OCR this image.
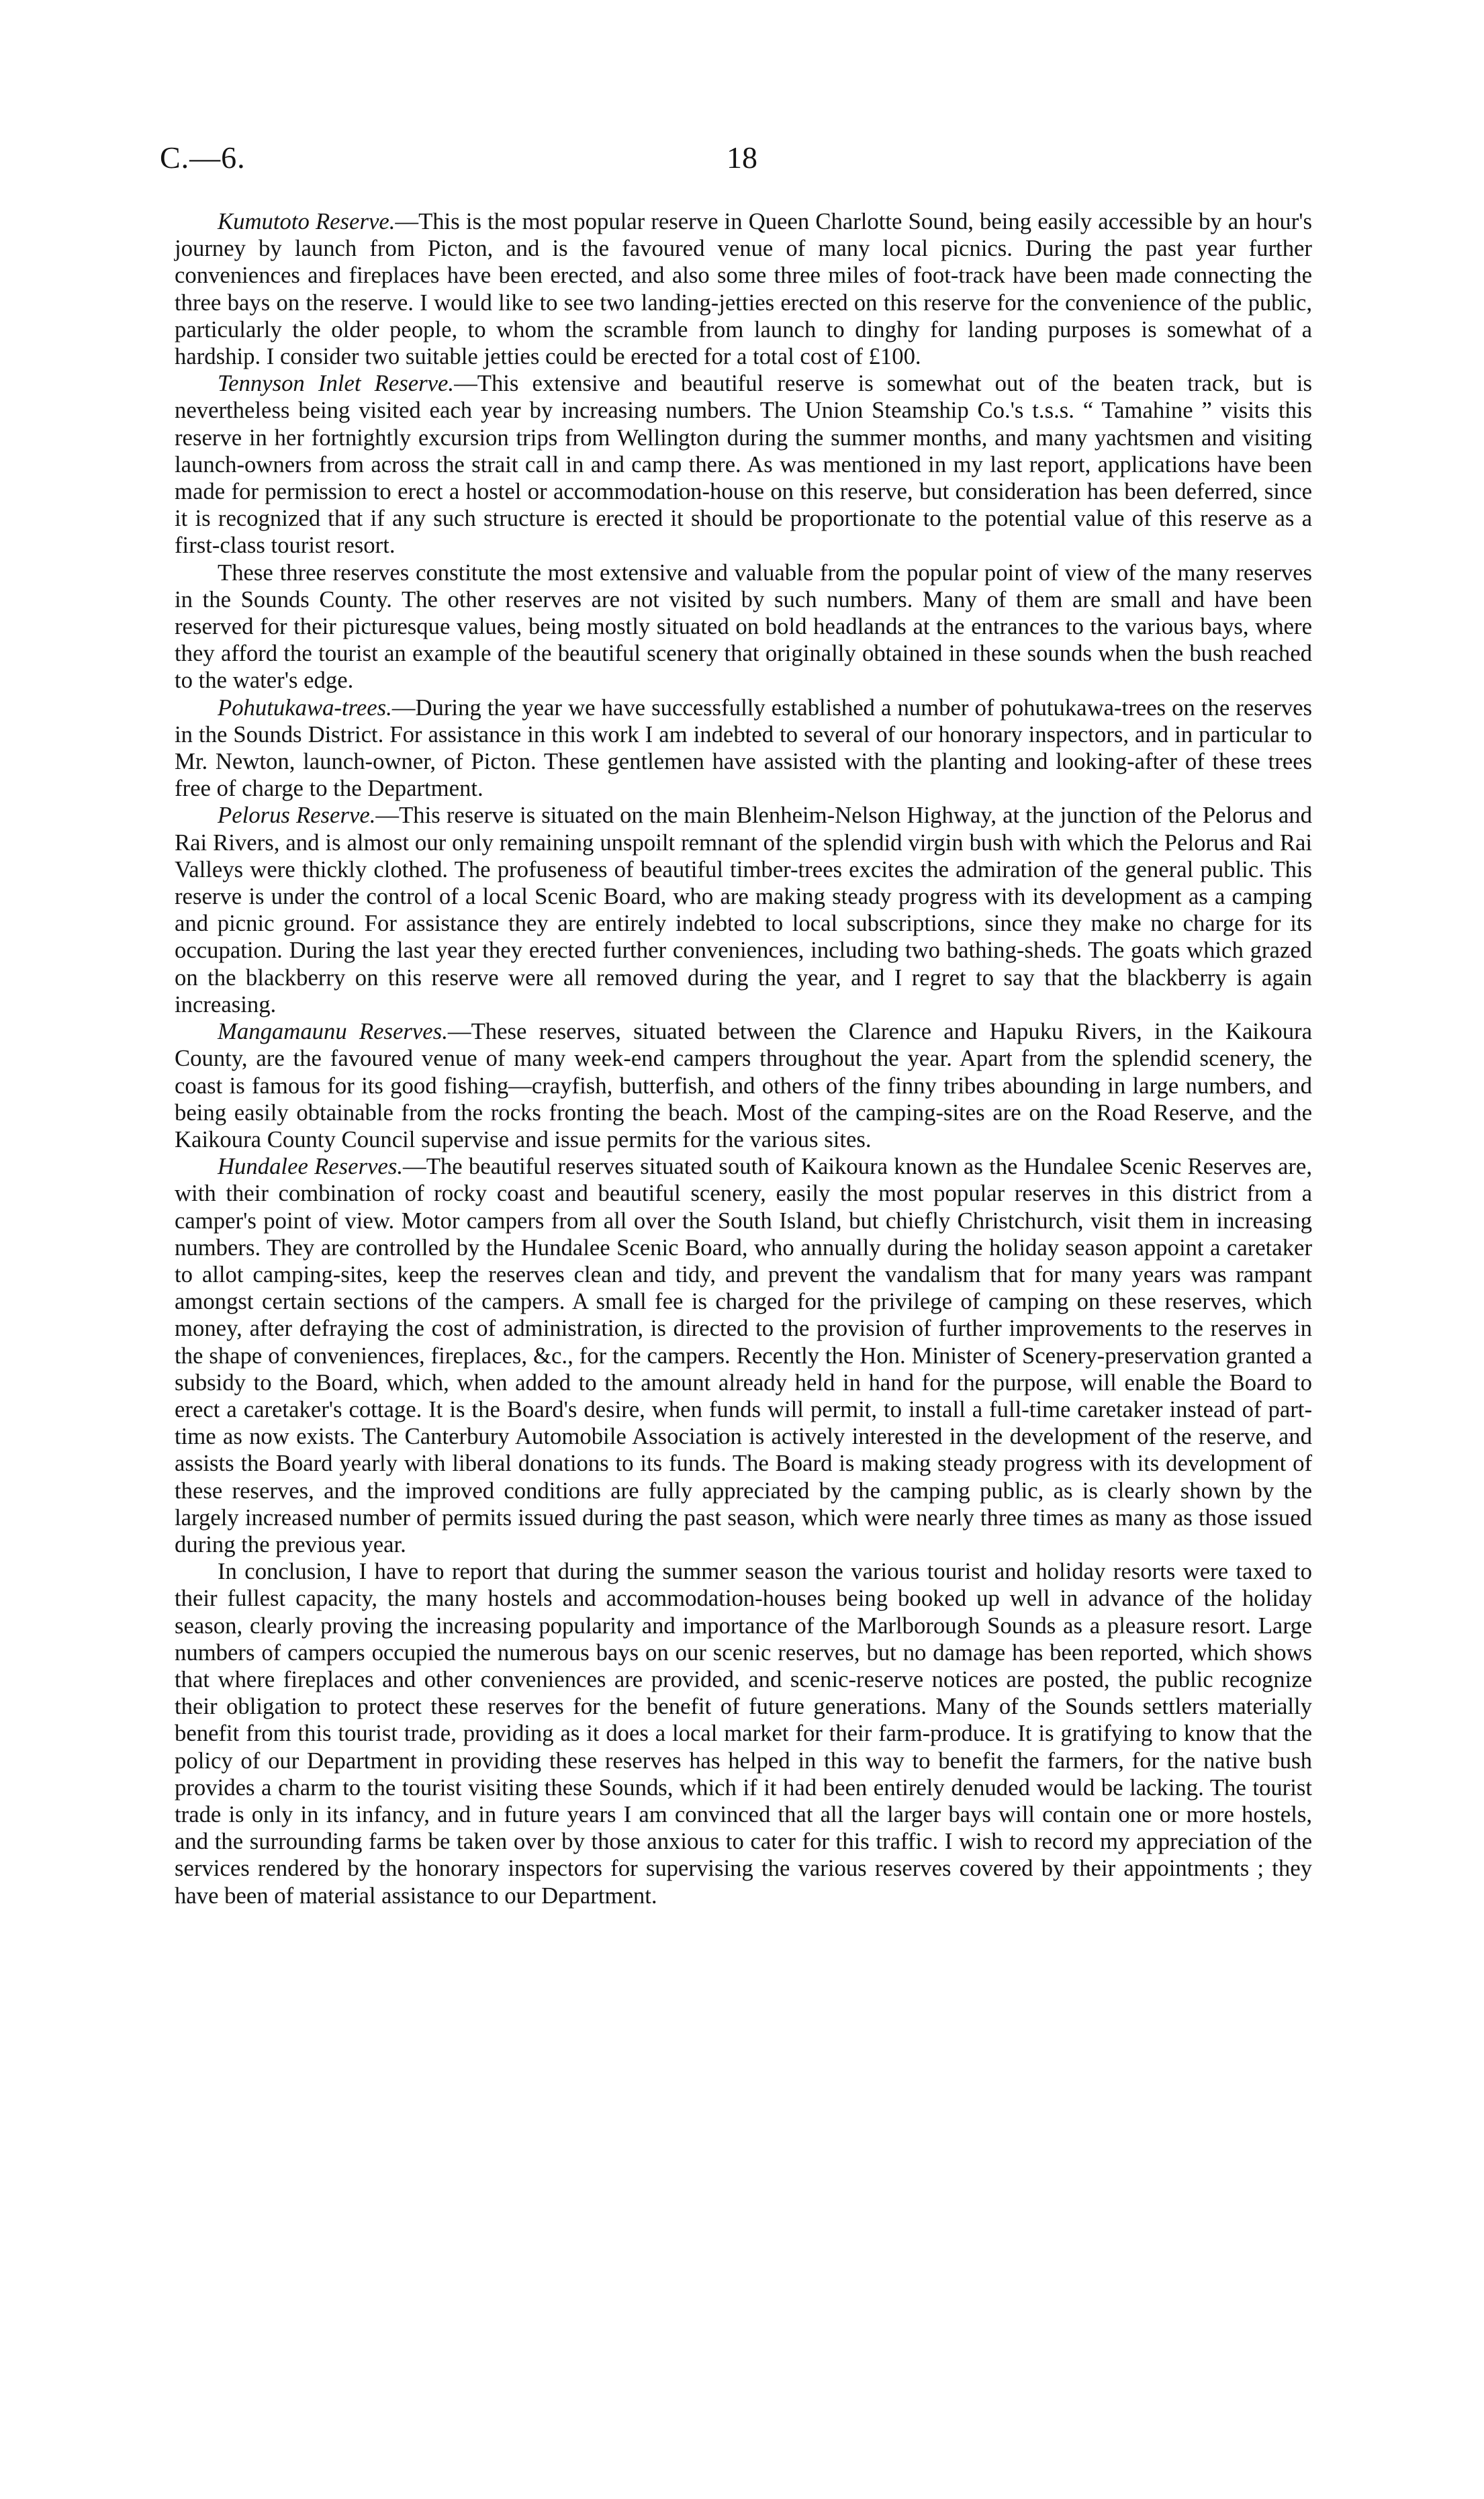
C.—6.	18

Kumutoto Reserve.—This is the most popular reserve in Queen Charlotte Sound, being easily accessible by an hour's journey by launch from Picton, and is the favoured venue of many local picnics. During the past year further conveniences and fireplaces have been erected, and also some three miles of foot-track have been made connecting the three bays on the reserve. I would like to see two landing-jetties erected on this reserve for the convenience of the public, particularly the older people, to whom the scramble from launch to dinghy for landing purposes is somewhat of a hardship. I consider two suitable jetties could be erected for a total cost of £100.

Tennyson Inlet Reserve.—This extensive and beautiful reserve is somewhat out of the beaten track, but is nevertheless being visited each year by increasing numbers. The Union Steamship Co.'s t.s.s. “ Tamahine ” visits this reserve in her fortnightly excursion trips from Wellington during the summer months, and many yachtsmen and visiting launch-owners from across the strait call in and camp there. As was mentioned in my last report, applications have been made for permission to erect a hostel or accommodation-house on this reserve, but consideration has been deferred, since it is recognized that if any such structure is erected it should be proportionate to the potential value of this reserve as a first-class tourist resort.

These three reserves constitute the most extensive and valuable from the popular point of view of the many reserves in the Sounds County. The other reserves are not visited by such numbers. Many of them are small and have been reserved for their picturesque values, being mostly situated on bold headlands at the entrances to the various bays, where they afford the tourist an example of the beautiful scenery that originally obtained in these sounds when the bush reached to the water's edge.

Pohutukawa-trees.—During the year we have successfully established a number of pohutukawa-trees on the reserves in the Sounds District. For assistance in this work I am indebted to several of our honorary inspectors, and in particular to Mr. Newton, launch-owner, of Picton. These gentlemen have assisted with the planting and looking-after of these trees free of charge to the Department.

Pelorus Reserve.—This reserve is situated on the main Blenheim-Nelson Highway, at the junction of the Pelorus and Rai Rivers, and is almost our only remaining unspoilt remnant of the splendid virgin bush with which the Pelorus and Rai Valleys were thickly clothed. The profuseness of beautiful timber-trees excites the admiration of the general public. This reserve is under the control of a local Scenic Board, who are making steady progress with its development as a camping and picnic ground. For assistance they are entirely indebted to local subscriptions, since they make no charge for its occupation. During the last year they erected further conveniences, including two bathing-sheds. The goats which grazed on the blackberry on this reserve were all removed during the year, and I regret to say that the blackberry is again increasing.

Mangamaunu Reserves.—These reserves, situated between the Clarence and Hapuku Rivers, in the Kaikoura County, are the favoured venue of many week-end campers throughout the year. Apart from the splendid scenery, the coast is famous for its good fishing—crayfish, butterfish, and others of the finny tribes abounding in large numbers, and being easily obtainable from the rocks fronting the beach. Most of the camping-sites are on the Road Reserve, and the Kaikoura County Council supervise and issue permits for the various sites.

Hundalee Reserves.—The beautiful reserves situated south of Kaikoura known as the Hundalee Scenic Reserves are, with their combination of rocky coast and beautiful scenery, easily the most popular reserves in this district from a camper's point of view. Motor campers from all over the South Island, but chiefly Christchurch, visit them in increasing numbers. They are controlled by the Hundalee Scenic Board, who annually during the holiday season appoint a caretaker to allot camping-sites, keep the reserves clean and tidy, and prevent the vandalism that for many years was rampant amongst certain sections of the campers. A small fee is charged for the privilege of camping on these reserves, which money, after defraying the cost of administration, is directed to the provision of further improvements to the reserves in the shape of conveniences, fireplaces, &c., for the campers. Recently the Hon. Minister of Scenery-preservation granted a subsidy to the Board, which, when added to the amount already held in hand for the purpose, will enable the Board to erect a caretaker's cottage. It is the Board's desire, when funds will permit, to install a full-time caretaker instead of part-time as now exists. The Canterbury Automobile Association is actively interested in the development of the reserve, and assists the Board yearly with liberal donations to its funds. The Board is making steady progress with its development of these reserves, and the improved conditions are fully appreciated by the camping public, as is clearly shown by the largely increased number of permits issued during the past season, which were nearly three times as many as those issued during the previous year.

In conclusion, I have to report that during the summer season the various tourist and holiday resorts were taxed to their fullest capacity, the many hostels and accommodation-houses being booked up well in advance of the holiday season, clearly proving the increasing popularity and importance of the Marlborough Sounds as a pleasure resort. Large numbers of campers occupied the numerous bays on our scenic reserves, but no damage has been reported, which shows that where fireplaces and other conveniences are provided, and scenic-reserve notices are posted, the public recognize their obligation to protect these reserves for the benefit of future generations. Many of the Sounds settlers materially benefit from this tourist trade, providing as it does a local market for their farm-produce. It is gratifying to know that the policy of our Department in providing these reserves has helped in this way to benefit the farmers, for the native bush provides a charm to the tourist visiting these Sounds, which if it had been entirely denuded would be lacking. The tourist trade is only in its infancy, and in future years I am convinced that all the larger bays will contain one or more hostels, and the surrounding farms be taken over by those anxious to cater for this traffic. I wish to record my appreciation of the services rendered by the honorary inspectors for supervising the various reserves covered by their appointments ; they have been of material assistance to our Department.
